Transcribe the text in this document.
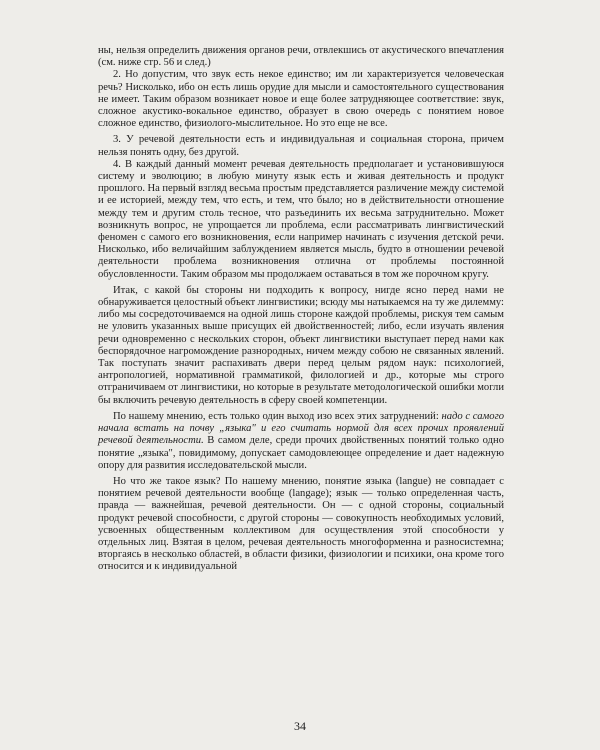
ны, нельзя определить движения органов речи, отвлекшись от акустического впечатления (см. ниже стр. 56 и след.)

2. Но допустим, что звук есть некое единство; им ли характеризуется человеческая речь? Нисколько, ибо он есть лишь орудие для мысли и самостоятельного существования не имеет. Таким образом возникает новое и еще более затрудняющее соответствие: звук, сложное акустико-вокальное единство, образует в свою очередь с понятием новое сложное единство, физиолого-мыслительное. Но это еще не все.

3. У речевой деятельности есть и индивидуальная и социальная сторона, причем нельзя понять одну, без другой.

4. В каждый данный момент речевая деятельность предполагает и установившуюся систему и эволюцию; в любую минуту язык есть и живая деятельность и продукт прошлого. На первый взгляд весьма простым представляется различение между системой и ее историей, между тем, что есть, и тем, что было; но в действительности отношение между тем и другим столь тесное, что разъединить их весьма затруднительно. Может возникнуть вопрос, не упрощается ли проблема, если рассматривать лингвистический феномен с самого его возникновения, если например начинать с изучения детской речи. Нисколько, ибо величайшим заблуждением является мысль, будто в отношении речевой деятельности проблема возникновения отлична от проблемы постоянной обусловленности. Таким образом мы продолжаем оставаться в том же порочном кругу.

Итак, с какой бы стороны ни подходить к вопросу, нигде ясно перед нами не обнаруживается целостный объект лингвистики; всюду мы натыкаемся на ту же дилемму: либо мы сосредоточиваемся на одной лишь стороне каждой проблемы, рискуя тем самым не уловить указанных выше присущих ей двойственностей; либо, если изучать явления речи одновременно с нескольких сторон, объект лингвистики выступает перед нами как беспорядочное нагромождение разнородных, ничем между собою не связанных явлений. Так поступать значит распахивать двери перед целым рядом наук: психологией, антропологией, нормативной грамматикой, филологией и др., которые мы строго отграничиваем от лингвистики, но которые в результате методологической ошибки могли бы включить речевую деятельность в сферу своей компетенции.

По нашему мнению, есть только один выход изо всех этих затруднений: надо с самого начала встать на почву „языка" и его считать нормой для всех прочих проявлений речевой деятельности. В самом деле, среди прочих двойственных понятий только одно понятие „языка", повидимому, допускает самодовлеющее определение и дает надежную опору для развития исследовательской мысли.

Но что же такое язык? По нашему мнению, понятие языка (langue) не совпадает с понятием речевой деятельности вообще (langage); язык — только определенная часть, правда — важнейшая, речевой деятельности. Он — с одной стороны, социальный продукт речевой способности, с другой стороны — совокупность необходимых условий, усвоенных общественным коллективом для осуществления этой способности у отдельных лиц. Взятая в целом, речевая деятельность многоформенна и разносистемна; вторгаясь в несколько областей, в области физики, физиологии и психики, она кроме того относится и к индивидуальной

34
